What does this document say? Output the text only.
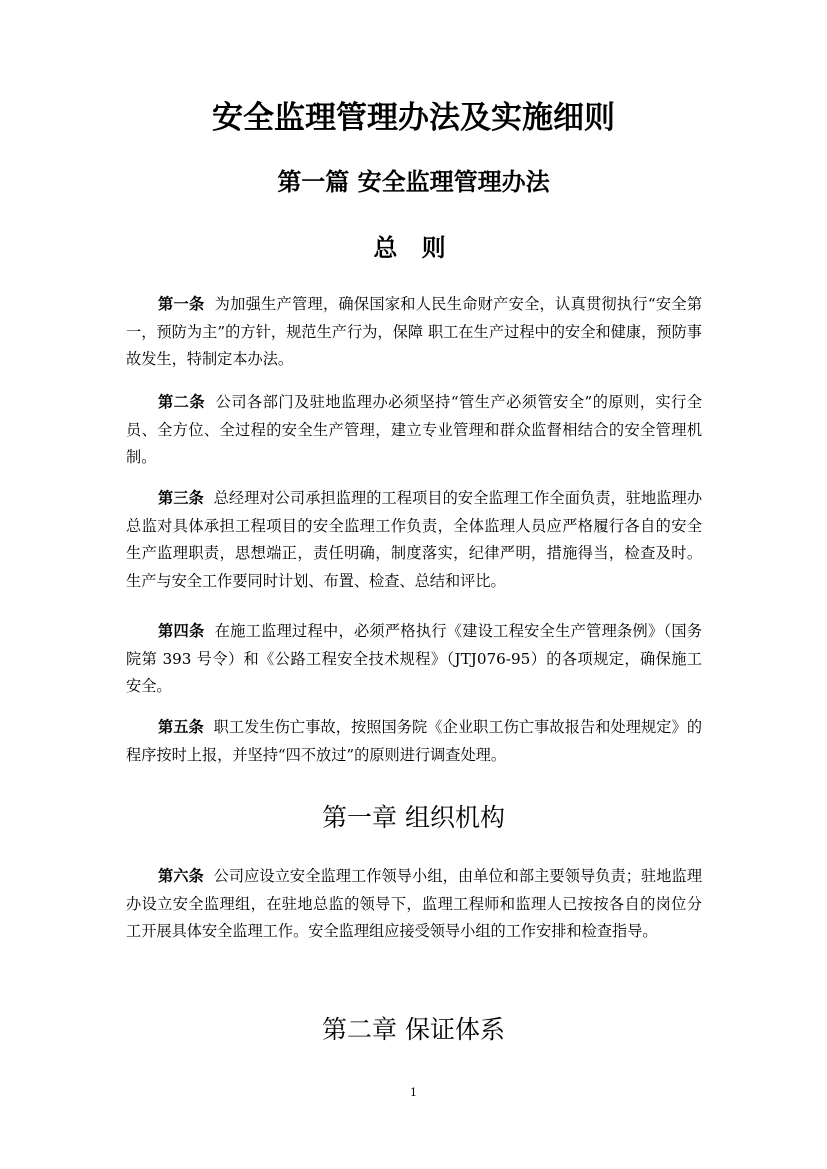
安全监理管理办法及实施细则
第一篇 安全监理管理办法
总 则

第一条 为加强生产管理，确保国家和人民生命财产安全，认真贯彻执行“安全第一，预防为主”的方针，规范生产行为，保障 职工在生产过程中的安全和健康，预防事故发生，特制定本办法。

第二条 公司各部门及驻地监理办必须坚持“管生产必须管安全”的原则，实行全员、全方位、全过程的安全生产管理，建立专业管理和群众监督相结合的安全管理机制。

第三条 总经理对公司承担监理的工程项目的安全监理工作全面负责，驻地监理办总监对具体承担工程项目的安全监理工作负责，全体监理人员应严格履行各自的安全生产监理职责，思想端正，责任明确，制度落实，纪律严明，措施得当，检查及时。生产与安全工作要同时计划、布置、检查、总结和评比。

第四条 在施工监理过程中，必须严格执行《建设工程安全生产管理条例》（国务院第 393 号令）和《公路工程安全技术规程》（JTJ076-95）的各项规定，确保施工安全。

第五条 职工发生伤亡事故，按照国务院《企业职工伤亡事故报告和处理规定》的程序按时上报，并坚持“四不放过”的原则进行调查处理。

第一章 组织机构

第六条 公司应设立安全监理工作领导小组，由单位和部主要领导负责；驻地监理办设立安全监理组，在驻地总监的领导下，监理工程师和监理人已按按各自的岗位分工开展具体安全监理工作。安全监理组应接受领导小组的工作安排和检查指导。

第二章 保证体系
1
